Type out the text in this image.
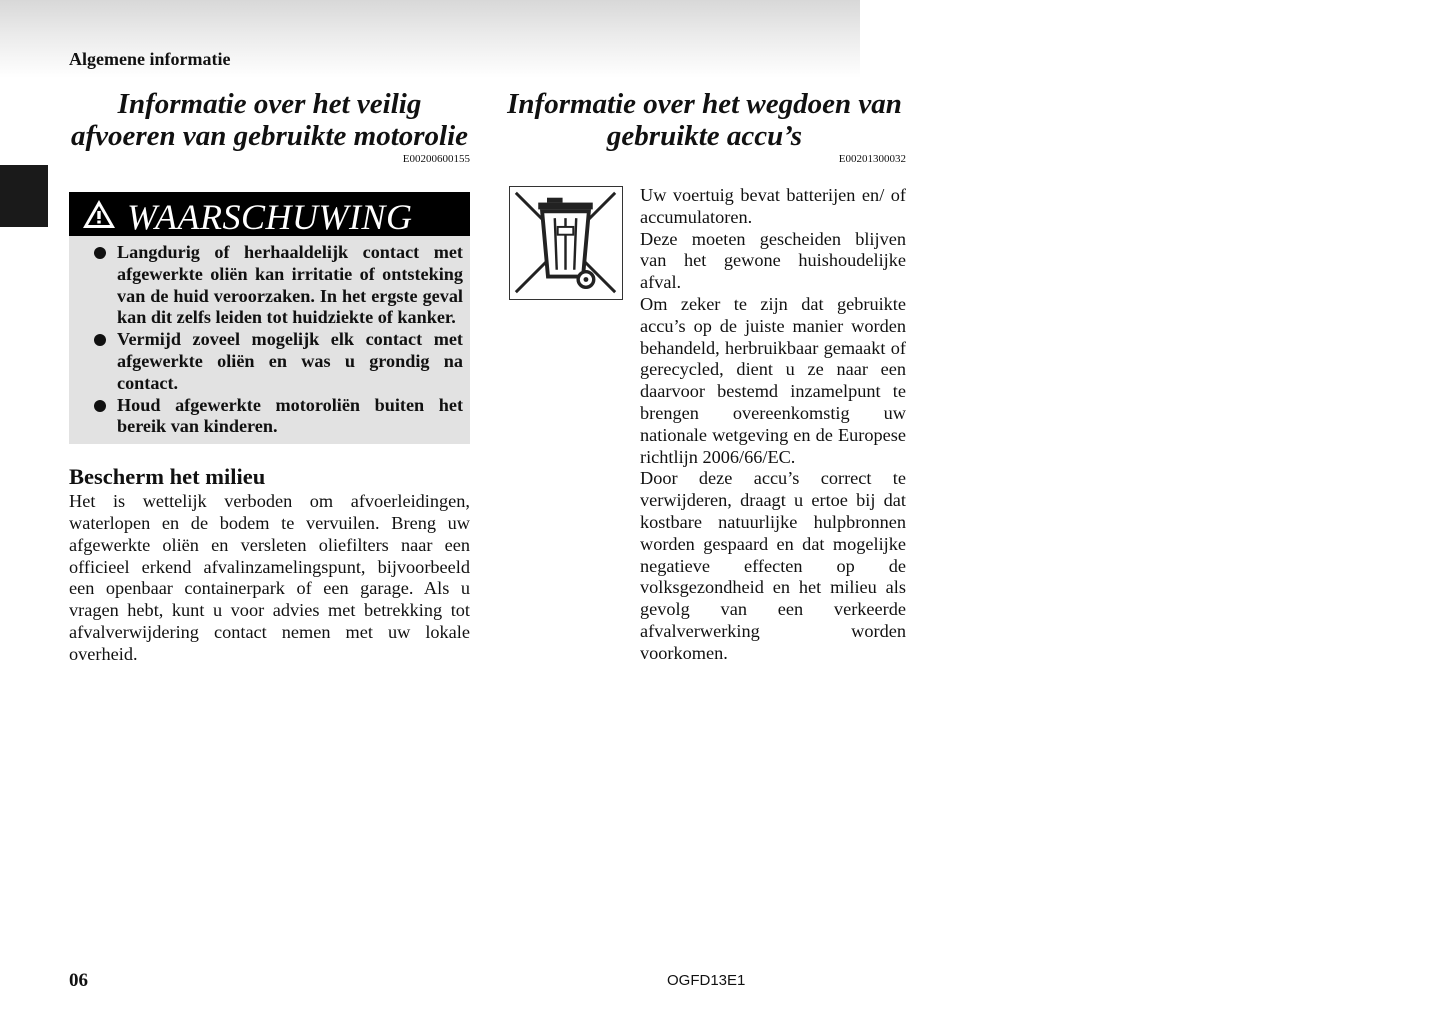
Algemene informatie
Informatie over het veilig
afvoeren van gebruikte motorolie
E00200600155
WAARSCHUWING
Langdurig of herhaaldelijk contact met afgewerkte oliën kan irritatie of ontsteking van de huid veroorzaken. In het ergste geval kan dit zelfs leiden tot huidziekte of kanker.
Vermijd zoveel mogelijk elk contact met afgewerkte oliën en was u grondig na contact.
Houd afgewerkte motoroliën buiten het bereik van kinderen.
Bescherm het milieu

Het is wettelijk verboden om afvoerleidingen, waterlopen en de bodem te vervuilen. Breng uw afgewerkte oliën en versleten oliefilters naar een officieel erkend afvalinzamelingspunt, bijvoorbeeld een openbaar containerpark of een garage. Als u vragen hebt, kunt u voor advies met betrekking tot afvalverwijdering contact nemen met uw lokale overheid.

Informatie over het wegdoen van
gebruikte accu’s
E00201300032

Uw voertuig bevat batterijen en/ of accumulatoren.

Deze moeten gescheiden blijven van het gewone huishoudelijke afval.

Om zeker te zijn dat gebruikte accu’s op de juiste manier worden behandeld, herbruikbaar gemaakt of gerecycled, dient u ze naar een daarvoor bestemd inzamelpunt te brengen overeenkomstig uw nationale wetgeving en de Europese richtlijn 2006/66/EC.

Door deze accu’s correct te verwijderen, draagt u ertoe bij dat kostbare natuurlijke hulpbronnen worden gespaard en dat mogelijke negatieve effecten op de volksgezondheid en het milieu als gevolg van een verkeerde afvalverwerking worden voorkomen.

06	OGFD13E1
